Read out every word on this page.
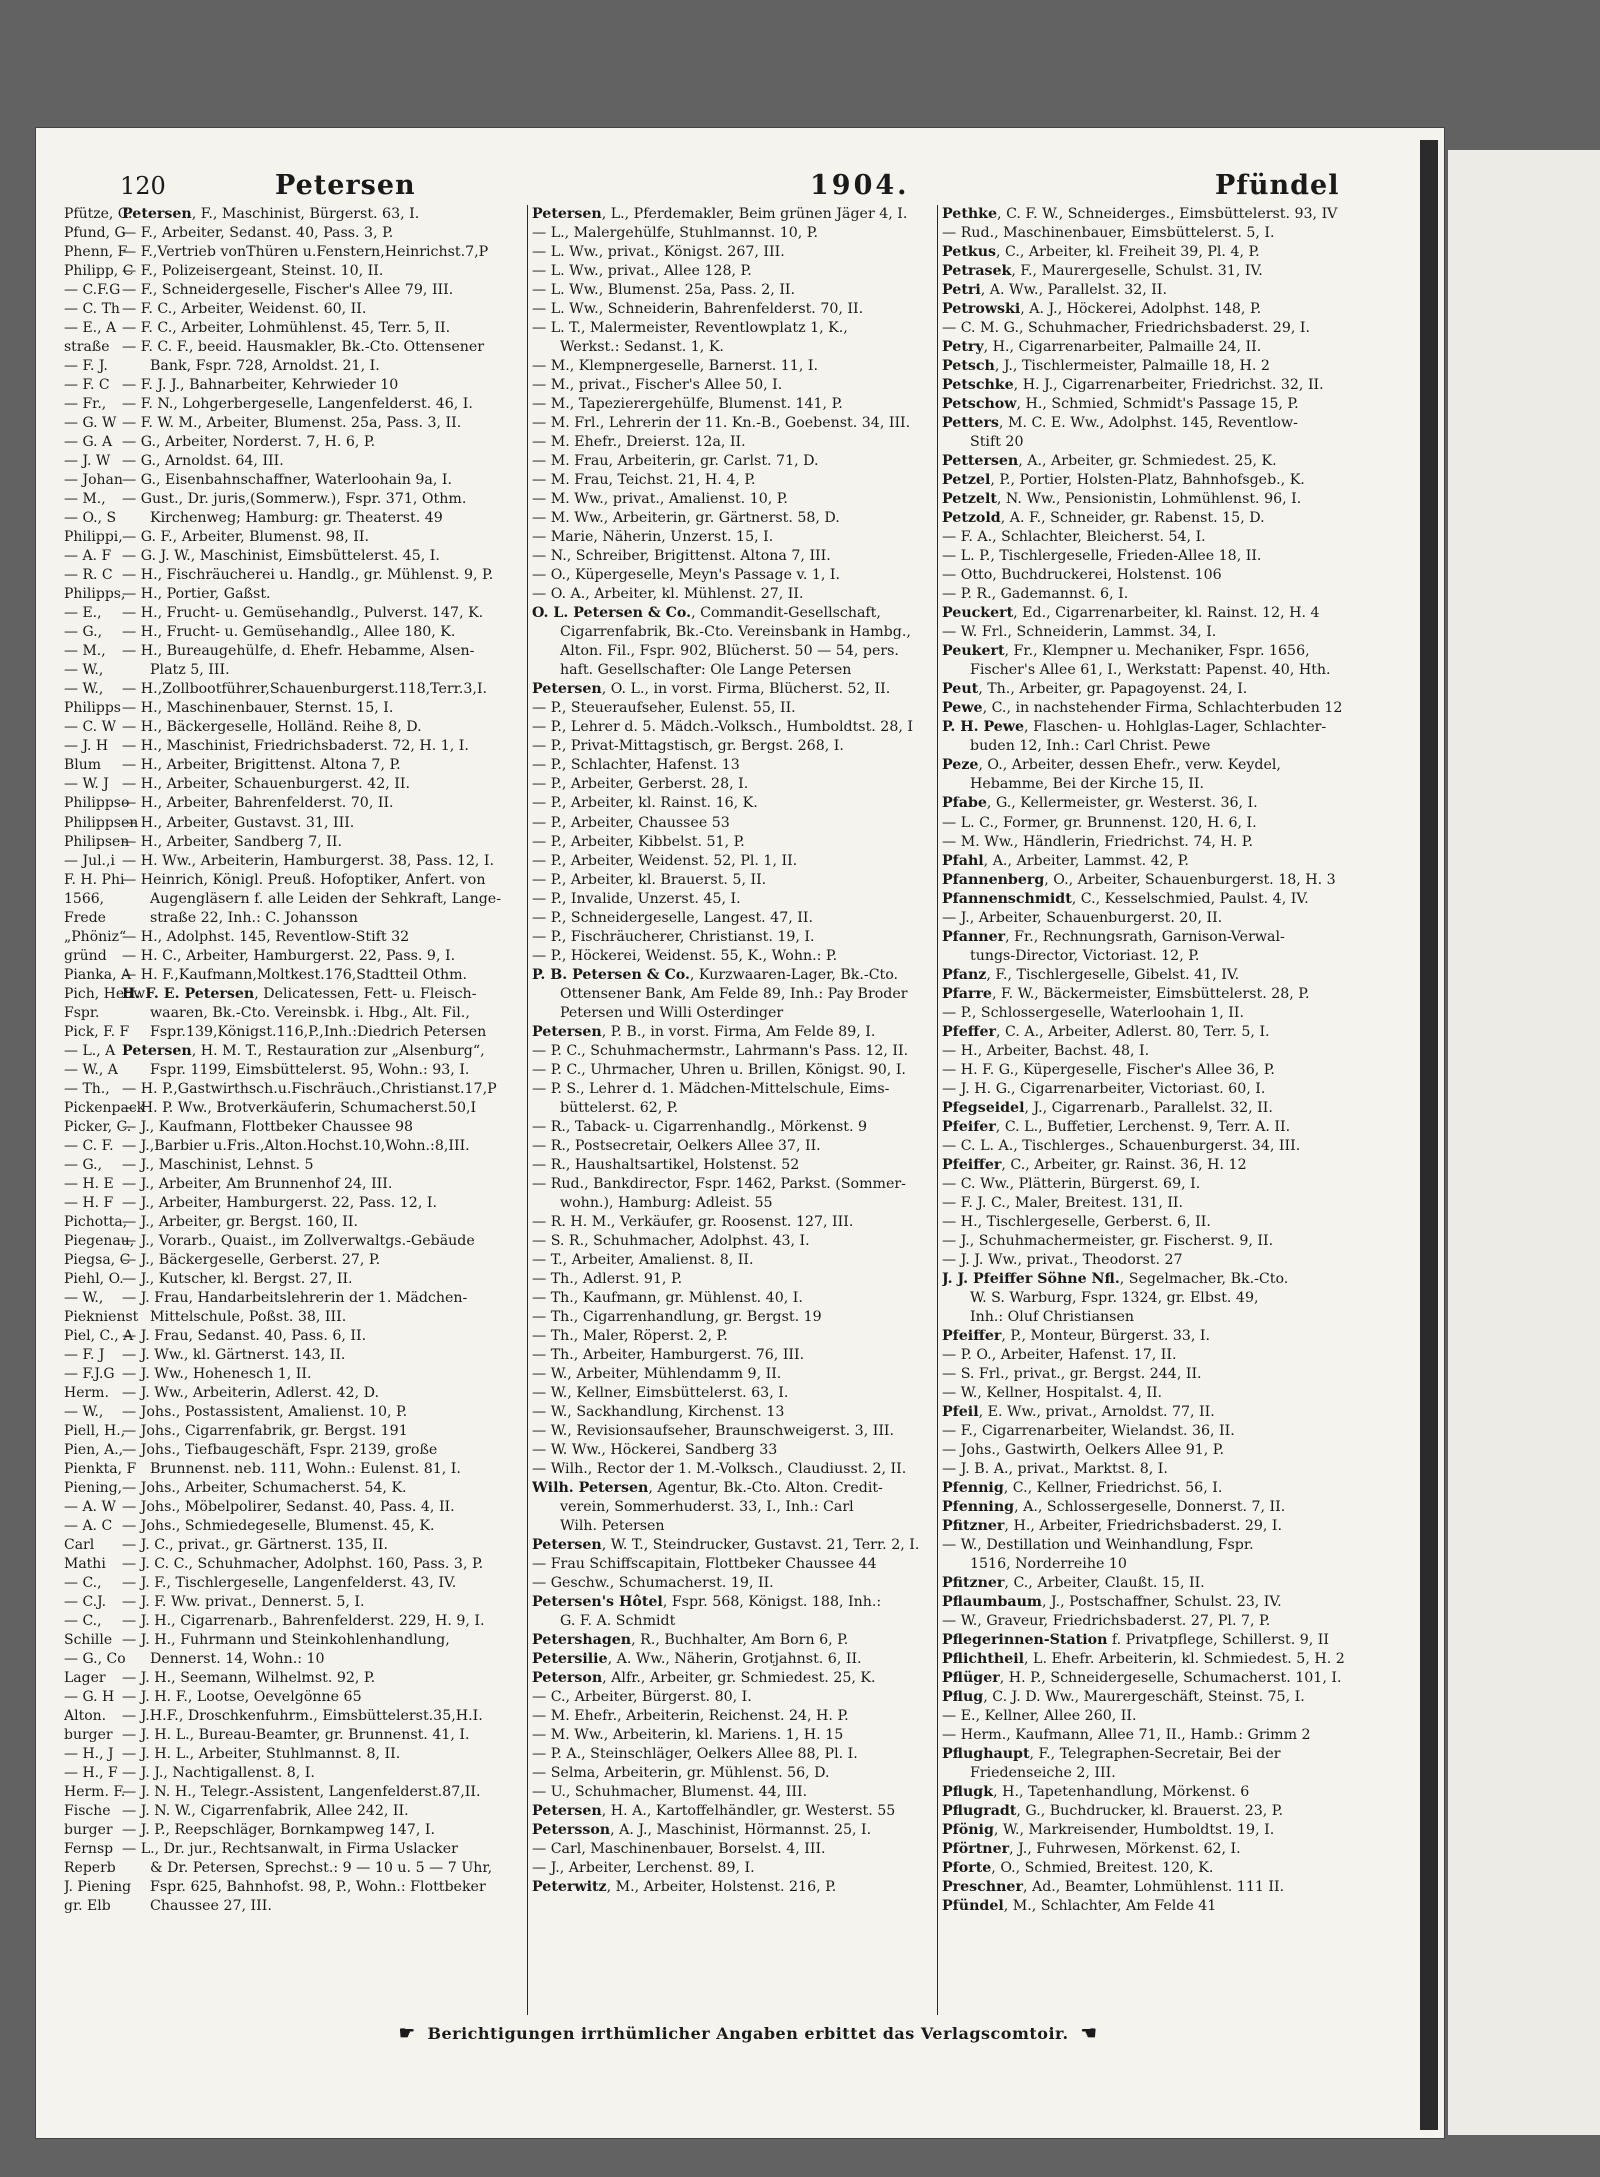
120	Petersen	1904.	Pfündel
Petersen, F., Maschinist, Bürgerst. 63, I.
— F., Arbeiter, Sedanst. 40, Pass. 3, P.
— F.,Vertrieb vonThüren u.Fenstern,Heinrichst.7,P
— F., Polizeisergeant, Steinst. 10, II.
— F., Schneidergeselle, Fischer's Allee 79, III.
— F. C., Arbeiter, Weidenst. 60, II.
— F. C., Arbeiter, Lohmühlenst. 45, Terr. 5, II.
— F. C. F., beeid. Hausmakler, Bk.-Cto. Ottensener
Bank, Fspr. 728, Arnoldst. 21, I.
— F. J. J., Bahnarbeiter, Kehrwieder 10
— F. N., Lohgerbergeselle, Langenfelderst. 46, I.
— F. W. M., Arbeiter, Blumenst. 25a, Pass. 3, II.
— G., Arbeiter, Norderst. 7, H. 6, P.
— G., Arnoldst. 64, III.
— G., Eisenbahnschaffner, Waterloohain 9a, I.
— Gust., Dr. juris,(Sommerw.), Fspr. 371, Othm.
Kirchenweg; Hamburg: gr. Theaterst. 49
— G. F., Arbeiter, Blumenst. 98, II.
— G. J. W., Maschinist, Eimsbüttelerst. 45, I.
— H., Fischräucherei u. Handlg., gr. Mühlenst. 9, P.
— H., Portier, Gaßst.
— H., Frucht- u. Gemüsehandlg., Pulverst. 147, K.
— H., Frucht- u. Gemüsehandlg., Allee 180, K.
— H., Bureaugehülfe, d. Ehefr. Hebamme, Alsen-
Platz 5, III.
— H.,Zollbootführer,Schauenburgerst.118,Terr.3,I.
— H., Maschinenbauer, Sternst. 15, I.
— H., Bäckergeselle, Holländ. Reihe 8, D.
— H., Maschinist, Friedrichsbaderst. 72, H. 1, I.
— H., Arbeiter, Brigittenst. Altona 7, P.
— H., Arbeiter, Schauenburgerst. 42, II.
— H., Arbeiter, Bahrenfelderst. 70, II.
— H., Arbeiter, Gustavst. 31, III.
— H., Arbeiter, Sandberg 7, II.
— H. Ww., Arbeiterin, Hamburgerst. 38, Pass. 12, I.
— Heinrich, Königl. Preuß. Hofoptiker, Anfert. von
Augengläsern f. alle Leiden der Sehkraft, Lange-
straße 22, Inh.: C. Johansson
— H., Adolphst. 145, Reventlow-Stift 32
— H. C., Arbeiter, Hamburgerst. 22, Pass. 9, I.
— H. F.,Kaufmann,Moltkest.176,Stadtteil Othm.
H. F. E. Petersen, Delicatessen, Fett- u. Fleisch-
waaren, Bk.-Cto. Vereinsbk. i. Hbg., Alt. Fil.,
Fspr.139,Königst.116,P.,Inh.:Diedrich Petersen
Petersen, H. M. T., Restauration zur „Alsenburg“,
Fspr. 1199, Eimsbüttelerst. 95, Wohn.: 93, I.
— H. P.,Gastwirthsch.u.Fischräuch.,Christianst.17,P
— H. P. Ww., Brotverkäuferin, Schumacherst.50,I
— J., Kaufmann, Flottbeker Chaussee 98
— J.,Barbier u.Fris.,Alton.Hochst.10,Wohn.:8,III.
— J., Maschinist, Lehnst. 5
— J., Arbeiter, Am Brunnenhof 24, III.
— J., Arbeiter, Hamburgerst. 22, Pass. 12, I.
— J., Arbeiter, gr. Bergst. 160, II.
— J., Vorarb., Quaist., im Zollverwaltgs.-Gebäude
— J., Bäckergeselle, Gerberst. 27, P.
— J., Kutscher, kl. Bergst. 27, II.
— J. Frau, Handarbeitslehrerin der 1. Mädchen-
Mittelschule, Poßst. 38, III.
— J. Frau, Sedanst. 40, Pass. 6, II.
— J. Ww., kl. Gärtnerst. 143, II.
— J. Ww., Hohenesch 1, II.
— J. Ww., Arbeiterin, Adlerst. 42, D.
— Johs., Postassistent, Amalienst. 10, P.
— Johs., Cigarrenfabrik, gr. Bergst. 191
— Johs., Tiefbaugeschäft, Fspr. 2139, große
Brunnenst. neb. 111, Wohn.: Eulenst. 81, I.
— Johs., Arbeiter, Schumacherst. 54, K.
— Johs., Möbelpolirer, Sedanst. 40, Pass. 4, II.
— Johs., Schmiedegeselle, Blumenst. 45, K.
— J. C., privat., gr. Gärtnerst. 135, II.
— J. C. C., Schuhmacher, Adolphst. 160, Pass. 3, P.
— J. F., Tischlergeselle, Langenfelderst. 43, IV.
— J. F. Ww. privat., Dennerst. 5, I.
— J. H., Cigarrenarb., Bahrenfelderst. 229, H. 9, I.
— J. H., Fuhrmann und Steinkohlenhandlung,
Dennerst. 14, Wohn.: 10
— J. H., Seemann, Wilhelmst. 92, P.
— J. H. F., Lootse, Oevelgönne 65
— J.H.F., Droschkenfuhrm., Eimsbüttelerst.35,H.I.
— J. H. L., Bureau-Beamter, gr. Brunnenst. 41, I.
— J. H. L., Arbeiter, Stuhlmannst. 8, II.
— J. J., Nachtigallenst. 8, I.
— J. N. H., Telegr.-Assistent, Langenfelderst.87,II.
— J. N. W., Cigarrenfabrik, Allee 242, II.
— J. P., Reepschläger, Bornkampweg 147, I.
— L., Dr. jur., Rechtsanwalt, in Firma Uslacker
& Dr. Petersen, Sprechst.: 9 — 10 u. 5 — 7 Uhr,
Fspr. 625, Bahnhofst. 98, P., Wohn.: Flottbeker
Chaussee 27, III.
Petersen, L., Pferdemakler, Beim grünen Jäger 4, I.
— L., Malergehülfe, Stuhlmannst. 10, P.
— L. Ww., privat., Königst. 267, III.
— L. Ww., privat., Allee 128, P.
— L. Ww., Blumenst. 25a, Pass. 2, II.
— L. Ww., Schneiderin, Bahrenfelderst. 70, II.
— L. T., Malermeister, Reventlowplatz 1, K.,
Werkst.: Sedanst. 1, K.
— M., Klempnergeselle, Barnerst. 11, I.
— M., privat., Fischer's Allee 50, I.
— M., Tapezierergehülfe, Blumenst. 141, P.
— M. Frl., Lehrerin der 11. Kn.-B., Goebenst. 34, III.
— M. Ehefr., Dreierst. 12a, II.
— M. Frau, Arbeiterin, gr. Carlst. 71, D.
— M. Frau, Teichst. 21, H. 4, P.
— M. Ww., privat., Amalienst. 10, P.
— M. Ww., Arbeiterin, gr. Gärtnerst. 58, D.
— Marie, Näherin, Unzerst. 15, I.
— N., Schreiber, Brigittenst. Altona 7, III.
— O., Küpergeselle, Meyn's Passage v. 1, I.
— O. A., Arbeiter, kl. Mühlenst. 27, II.
O. L. Petersen & Co., Commandit-Gesellschaft,
Cigarrenfabrik, Bk.-Cto. Vereinsbank in Hambg.,
Alton. Fil., Fspr. 902, Blücherst. 50 — 54, pers.
haft. Gesellschafter: Ole Lange Petersen
Petersen, O. L., in vorst. Firma, Blücherst. 52, II.
— P., Steueraufseher, Eulenst. 55, II.
— P., Lehrer d. 5. Mädch.-Volksch., Humboldtst. 28, I
— P., Privat-Mittagstisch, gr. Bergst. 268, I.
— P., Schlachter, Hafenst. 13
— P., Arbeiter, Gerberst. 28, I.
— P., Arbeiter, kl. Rainst. 16, K.
— P., Arbeiter, Chaussee 53
— P., Arbeiter, Kibbelst. 51, P.
— P., Arbeiter, Weidenst. 52, Pl. 1, II.
— P., Arbeiter, kl. Brauerst. 5, II.
— P., Invalide, Unzerst. 45, I.
— P., Schneidergeselle, Langest. 47, II.
— P., Fischräucherer, Christianst. 19, I.
— P., Höckerei, Weidenst. 55, K., Wohn.: P.
P. B. Petersen & Co., Kurzwaaren-Lager, Bk.-Cto.
Ottensener Bank, Am Felde 89, Inh.: Pay Broder
Petersen und Willi Osterdinger
Petersen, P. B., in vorst. Firma, Am Felde 89, I.
— P. C., Schuhmachermstr., Lahrmann's Pass. 12, II.
— P. C., Uhrmacher, Uhren u. Brillen, Königst. 90, I.
— P. S., Lehrer d. 1. Mädchen-Mittelschule, Eims-
büttelerst. 62, P.
— R., Taback- u. Cigarrenhandlg., Mörkenst. 9
— R., Postsecretair, Oelkers Allee 37, II.
— R., Haushaltsartikel, Holstenst. 52
— Rud., Bankdirector, Fspr. 1462, Parkst. (Sommer-
wohn.), Hamburg: Adleist. 55
— R. H. M., Verkäufer, gr. Roosenst. 127, III.
— S. R., Schuhmacher, Adolphst. 43, I.
— T., Arbeiter, Amalienst. 8, II.
— Th., Adlerst. 91, P.
— Th., Kaufmann, gr. Mühlenst. 40, I.
— Th., Cigarrenhandlung, gr. Bergst. 19
— Th., Maler, Röperst. 2, P.
— Th., Arbeiter, Hamburgerst. 76, III.
— W., Arbeiter, Mühlendamm 9, II.
— W., Kellner, Eimsbüttelerst. 63, I.
— W., Sackhandlung, Kirchenst. 13
— W., Revisionsaufseher, Braunschweigerst. 3, III.
— W. Ww., Höckerei, Sandberg 33
— Wilh., Rector der 1. M.-Volksch., Claudiusst. 2, II.
Wilh. Petersen, Agentur, Bk.-Cto. Alton. Credit-
verein, Sommerhuderst. 33, I., Inh.: Carl
Wilh. Petersen
Petersen, W. T., Steindrucker, Gustavst. 21, Terr. 2, I.
— Frau Schiffscapitain, Flottbeker Chaussee 44
— Geschw., Schumacherst. 19, II.
Petersen's Hôtel, Fspr. 568, Königst. 188, Inh.:
G. F. A. Schmidt
Petershagen, R., Buchhalter, Am Born 6, P.
Petersilie, A. Ww., Näherin, Grotjahnst. 6, II.
Peterson, Alfr., Arbeiter, gr. Schmiedest. 25, K.
— C., Arbeiter, Bürgerst. 80, I.
— M. Ehefr., Arbeiterin, Reichenst. 24, H. P.
— M. Ww., Arbeiterin, kl. Mariens. 1, H. 15
— P. A., Steinschläger, Oelkers Allee 88, Pl. I.
— Selma, Arbeiterin, gr. Mühlenst. 56, D.
— U., Schuhmacher, Blumenst. 44, III.
Petersen, H. A., Kartoffelhändler, gr. Westerst. 55
Petersson, A. J., Maschinist, Hörmannst. 25, I.
— Carl, Maschinenbauer, Borselst. 4, III.
— J., Arbeiter, Lerchenst. 89, I.
Peterwitz, M., Arbeiter, Holstenst. 216, P.
Pethke, C. F. W., Schneiderges., Eimsbüttelerst. 93, IV
— Rud., Maschinenbauer, Eimsbüttelerst. 5, I.
Petkus, C., Arbeiter, kl. Freiheit 39, Pl. 4, P.
Petrasek, F., Maurergeselle, Schulst. 31, IV.
Petri, A. Ww., Parallelst. 32, II.
Petrowski, A. J., Höckerei, Adolphst. 148, P.
— C. M. G., Schuhmacher, Friedrichsbaderst. 29, I.
Petry, H., Cigarrenarbeiter, Palmaille 24, II.
Petsch, J., Tischlermeister, Palmaille 18, H. 2
Petschke, H. J., Cigarrenarbeiter, Friedrichst. 32, II.
Petschow, H., Schmied, Schmidt's Passage 15, P.
Petters, M. C. E. Ww., Adolphst. 145, Reventlow-
Stift 20
Pettersen, A., Arbeiter, gr. Schmiedest. 25, K.
Petzel, P., Portier, Holsten-Platz, Bahnhofsgeb., K.
Petzelt, N. Ww., Pensionistin, Lohmühlenst. 96, I.
Petzold, A. F., Schneider, gr. Rabenst. 15, D.
— F. A., Schlachter, Bleicherst. 54, I.
— L. P., Tischlergeselle, Frieden-Allee 18, II.
— Otto, Buchdruckerei, Holstenst. 106
— P. R., Gademannst. 6, I.
Peuckert, Ed., Cigarrenarbeiter, kl. Rainst. 12, H. 4
— W. Frl., Schneiderin, Lammst. 34, I.
Peukert, Fr., Klempner u. Mechaniker, Fspr. 1656,
Fischer's Allee 61, I., Werkstatt: Papenst. 40, Hth.
Peut, Th., Arbeiter, gr. Papagoyenst. 24, I.
Pewe, C., in nachstehender Firma, Schlachterbuden 12
P. H. Pewe, Flaschen- u. Hohlglas-Lager, Schlachter-
buden 12, Inh.: Carl Christ. Pewe
Peze, O., Arbeiter, dessen Ehefr., verw. Keydel,
Hebamme, Bei der Kirche 15, II.
Pfabe, G., Kellermeister, gr. Westerst. 36, I.
— L. C., Former, gr. Brunnenst. 120, H. 6, I.
— M. Ww., Händlerin, Friedrichst. 74, H. P.
Pfahl, A., Arbeiter, Lammst. 42, P.
Pfannenberg, O., Arbeiter, Schauenburgerst. 18, H. 3
Pfannenschmidt, C., Kesselschmied, Paulst. 4, IV.
— J., Arbeiter, Schauenburgerst. 20, II.
Pfanner, Fr., Rechnungsrath, Garnison-Verwal-
tungs-Director, Victoriast. 12, P.
Pfanz, F., Tischlergeselle, Gibelst. 41, IV.
Pfarre, F. W., Bäckermeister, Eimsbüttelerst. 28, P.
— P., Schlossergeselle, Waterloohain 1, II.
Pfeffer, C. A., Arbeiter, Adlerst. 80, Terr. 5, I.
— H., Arbeiter, Bachst. 48, I.
— H. F. G., Küpergeselle, Fischer's Allee 36, P.
— J. H. G., Cigarrenarbeiter, Victoriast. 60, I.
Pfegseidel, J., Cigarrenarb., Parallelst. 32, II.
Pfeifer, C. L., Buffetier, Lerchenst. 9, Terr. A. II.
— C. L. A., Tischlerges., Schauenburgerst. 34, III.
Pfeiffer, C., Arbeiter, gr. Rainst. 36, H. 12
— C. Ww., Plätterin, Bürgerst. 69, I.
— F. J. C., Maler, Breitest. 131, II.
— H., Tischlergeselle, Gerberst. 6, II.
— J., Schuhmachermeister, gr. Fischerst. 9, II.
— J. J. Ww., privat., Theodorst. 27
J. J. Pfeiffer Söhne Nfl., Segelmacher, Bk.-Cto.
W. S. Warburg, Fspr. 1324, gr. Elbst. 49,
Inh.: Oluf Christiansen
Pfeiffer, P., Monteur, Bürgerst. 33, I.
— P. O., Arbeiter, Hafenst. 17, II.
— S. Frl., privat., gr. Bergst. 244, II.
— W., Kellner, Hospitalst. 4, II.
Pfeil, E. Ww., privat., Arnoldst. 77, II.
— F., Cigarrenarbeiter, Wielandst. 36, II.
— Johs., Gastwirth, Oelkers Allee 91, P.
— J. B. A., privat., Marktst. 8, I.
Pfennig, C., Kellner, Friedrichst. 56, I.
Pfenning, A., Schlossergeselle, Donnerst. 7, II.
Pfitzner, H., Arbeiter, Friedrichsbaderst. 29, I.
— W., Destillation und Weinhandlung, Fspr.
1516, Norderreihe 10
Pfitzner, C., Arbeiter, Claußt. 15, II.
Pflaumbaum, J., Postschaffner, Schulst. 23, IV.
— W., Graveur, Friedrichsbaderst. 27, Pl. 7, P.
Pflegerinnen-Station f. Privatpflege, Schillerst. 9, II
Pflichtheil, L. Ehefr. Arbeiterin, kl. Schmiedest. 5, H. 2
Pflüger, H. P., Schneidergeselle, Schumacherst. 101, I.
Pflug, C. J. D. Ww., Maurergeschäft, Steinst. 75, I.
— E., Kellner, Allee 260, II.
— Herm., Kaufmann, Allee 71, II., Hamb.: Grimm 2
Pflughaupt, F., Telegraphen-Secretair, Bei der
Friedenseiche 2, III.
Pflugk, H., Tapetenhandlung, Mörkenst. 6
Pflugradt, G., Buchdrucker, kl. Brauerst. 23, P.
Pfönig, W., Markreisender, Humboldtst. 19, I.
Pförtner, J., Fuhrwesen, Mörkenst. 62, I.
Pforte, O., Schmied, Breitest. 120, K.
Preschner, Ad., Beamter, Lohmühlenst. 111 II.
Pfündel, M., Schlachter, Am Felde 41
Pfütze, C.
Pfund, G
Phenn, F
Philipp, C
— C.F.G
— C. Th
— E., A
straße
— F. J.
— F. C
— Fr.,
— G. W
— G. A
— J. W
— Johan
— M.,
— O., S
Philippi,
— A. F
— R. C
Philipps,
— E.,
— G.,
— M.,
— W.,
— W.,
Philipps
— C. W
— J. H
Blum
— W. J
Philippso
Philippsen
Philipsen
— Jul.,i
F. H. Phi
1566,
Frede
„Phöniz“
gründ
Pianka, A
Pich, Hedw
Fspr.
Pick, F. F
— L., A
— W., A
— Th.,
Pickenpack
Picker, C.
— C. F.
— G.,
— H. E
— H. F
Pichotta,
Piegenau,
Piegsa, C
Piehl, O.
— W.,
Pieknienst
Piel, C., A
— F. J
— F.J.G
Herm.
— W.,
Piell, H.,
Pien, A.,
Pienkta, F
Piening,
— A. W
— A. C
Carl
Mathi
— C.,
— C.J.
— C.,
Schille
— G., Co
Lager
— G. H
Alton.
burger
— H., J
— H., F
Herm. F.
Fische
burger
Fernsp
Reperb
J. Piening
gr. Elb
☛ Berichtigungen irrthümlicher Angaben erbittet das Verlagscomtoir. ☚
